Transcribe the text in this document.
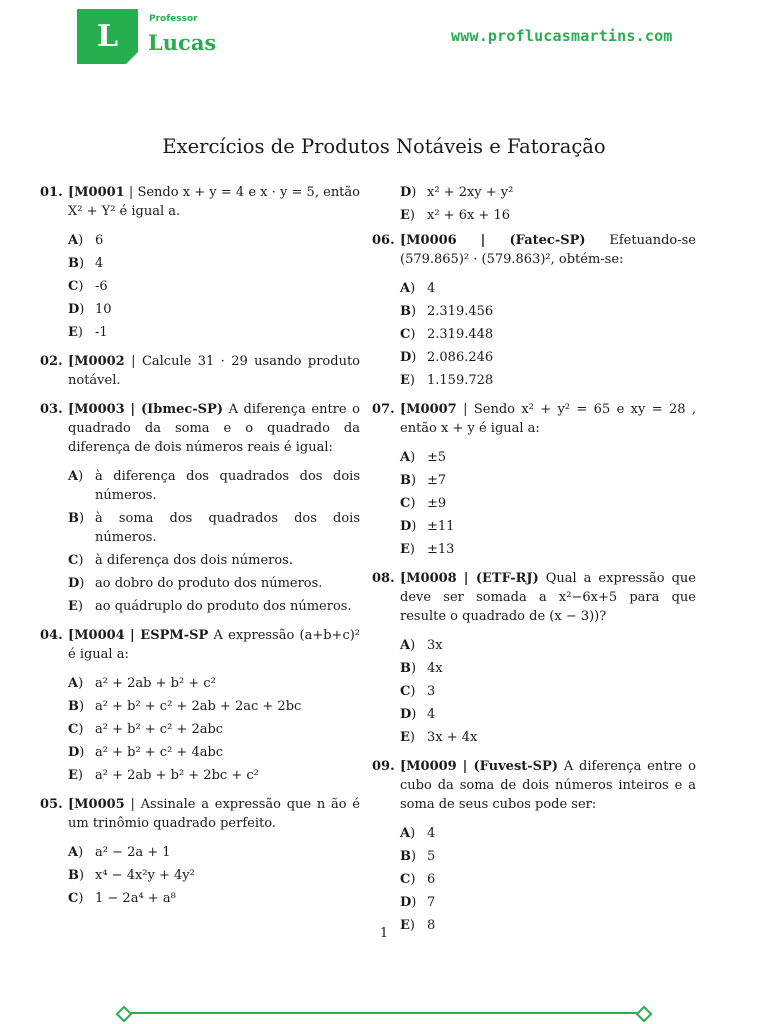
L	Professor
Lucas	www.proflucasmartins.com
Exercícios de Produtos Notáveis e Fatoração
01. [M0001 | Sendo x + y = 4 e x · y = 5, então X² + Y² é igual a.
A )	6
B )	4
C )	-6
D )	10
E )	-1
02. [M0002 | Calcule 31 · 29 usando produto notável.
03. [M0003 | (Ibmec-SP) A diferença entre o quadrado da soma e o quadrado da diferença de dois números reais é igual:
A )	à diferença dos quadrados dos dois números.
B )	à soma dos quadrados dos dois números.
C )	à diferença dos dois números.
D )	ao dobro do produto dos números.
E )	ao quádruplo do produto dos números.
04. [M0004 | ESPM-SP A expressão (a+b+c)² é igual a:
A )	a² + 2ab + b² + c²
B )	a² + b² + c² + 2ab + 2ac + 2bc
C )	a² + b² + c² + 2abc
D )	a² + b² + c² + 4abc
E )	a² + 2ab + b² + 2bc + c²
05. [M0005 | Assinale a expressão que n ão é um trinômio quadrado perfeito.
A )	a² − 2a + 1
B )	x⁴ − 4x²y + 4y²
C )	1 − 2a⁴ + a⁸
D )	x² + 2xy + y²
E )	x² + 6x + 16
06. [M0006 | (Fatec-SP) Efetuando-se (579.865)² · (579.863)², obtém-se:
A )	4
B )	2.319.456
C )	2.319.448
D )	2.086.246
E )	1.159.728
07. [M0007 | Sendo x² + y² = 65 e xy = 28 , então x + y é igual a:
A )	±5
B )	±7
C )	±9
D )	±11
E )	±13
08. [M0008 | (ETF-RJ) Qual a expressão que deve ser somada a x²−6x+5 para que resulte o quadrado de (x − 3))?
A )	3x
B )	4x
C )	3
D )	4
E )	3x + 4x
09. [M0009 | (Fuvest-SP) A diferença entre o cubo da soma de dois números inteiros e a soma de seus cubos pode ser:
A )	4
B )	5
C )	6
D )	7
E )	8
1
